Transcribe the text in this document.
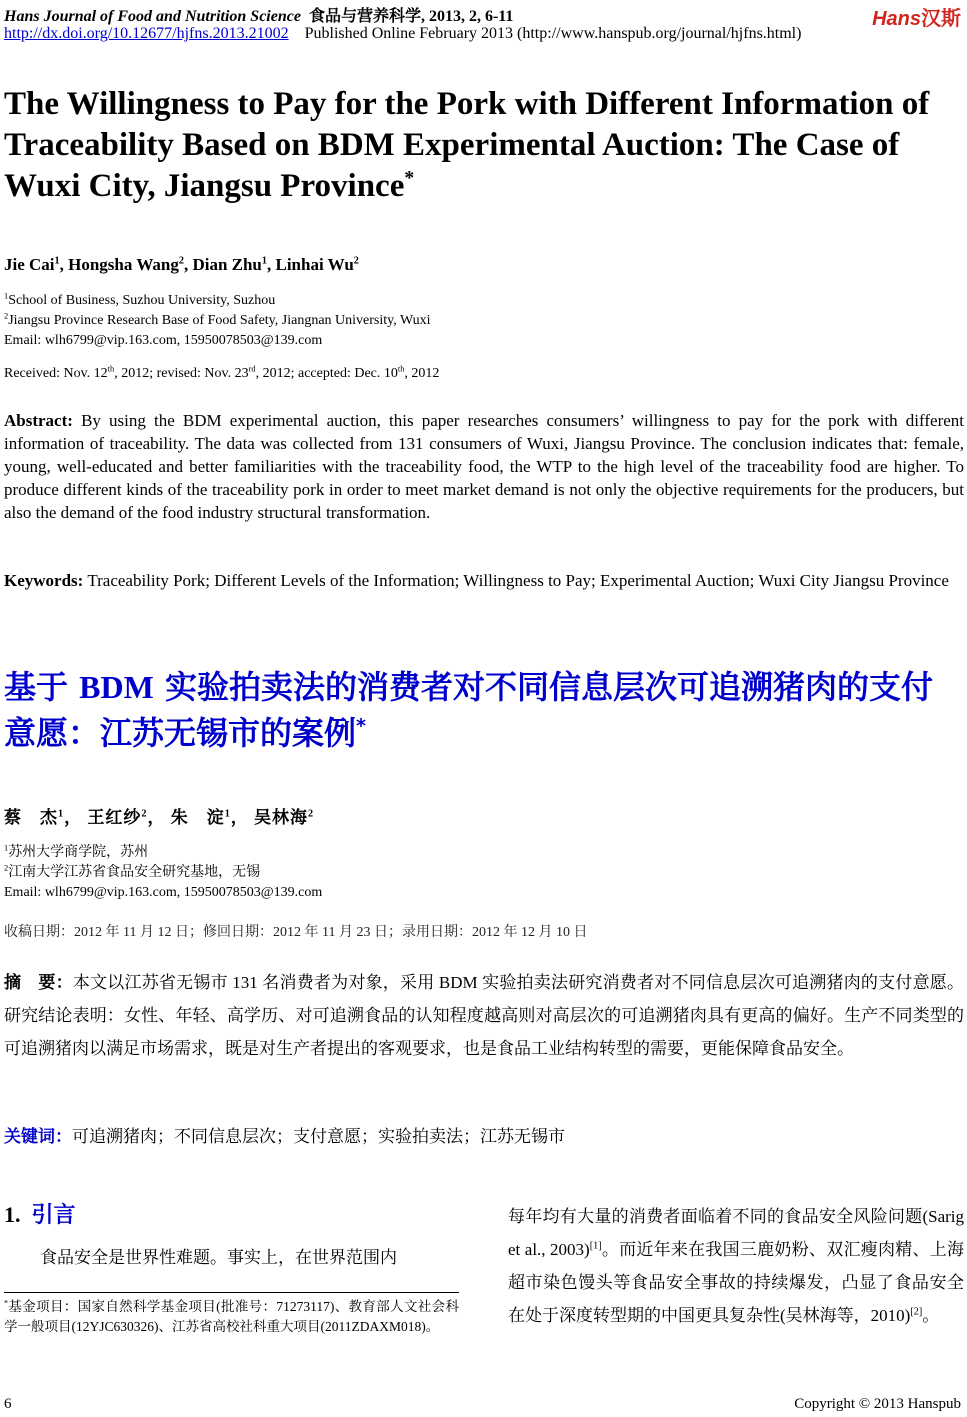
Hans Journal of Food and Nutrition Science 食品与营养科学, 2013, 2, 6-11
http://dx.doi.org/10.12677/hjfns.2013.21002 Published Online February 2013 (http://www.hanspub.org/journal/hjfns.html)
Hans汉斯
The Willingness to Pay for the Pork with Different Information of Traceability Based on BDM Experimental Auction: The Case of Wuxi City, Jiangsu Province*
Jie Cai$^1$, Hongsha Wang$^2$, Dian Zhu$^1$, Linhai Wu$^2$
$^1$School of Business, Suzhou University, Suzhou
$^2$Jiangsu Province Research Base of Food Safety, Jiangnan University, Wuxi
Email: wlh6799@vip.163.com, 15950078503@139.com
Received: Nov. 12th, 2012; revised: Nov. 23rd, 2012; accepted: Dec. 10th, 2012
Abstract: By using the BDM experimental auction, this paper researches consumers’ willingness to pay for the pork with different information of traceability. The data was collected from 131 consumers of Wuxi, Jiangsu Province. The conclusion indicates that: female, young, well-educated and better familiarities with the traceability food, the WTP to the high level of the traceability food are higher. To produce different kinds of the traceability pork in order to meet market demand is not only the objective requirements for the producers, but also the demand of the food industry structural transformation.
Keywords: Traceability Pork; Different Levels of the Information; Willingness to Pay; Experimental Auction; Wuxi City Jiangsu Province
基于 BDM 实验拍卖法的消费者对不同信息层次可追溯猪肉的支付意愿：江苏无锡市的案例*
蔡　杰$^1$， 王红纱$^2$， 朱　淀$^1$， 吴林海$^2$
$^1$苏州大学商学院，苏州
$^2$江南大学江苏省食品安全研究基地，无锡
Email: wlh6799@vip.163.com, 15950078503@139.com
收稿日期：2012 年 11 月 12 日；修回日期：2012 年 11 月 23 日；录用日期：2012 年 12 月 10 日
摘　要：本文以江苏省无锡市 131 名消费者为对象，采用 BDM 实验拍卖法研究消费者对不同信息层次可追溯猪肉的支付意愿。研究结论表明：女性、年轻、高学历、对可追溯食品的认知程度越高则对高层次的可追溯猪肉具有更高的偏好。生产不同类型的可追溯猪肉以满足市场需求，既是对生产者提出的客观要求，也是食品工业结构转型的需要，更能保障食品安全。
关键词：可追溯猪肉；不同信息层次；支付意愿；实验拍卖法；江苏无锡市
1. 引言
食品安全是世界性难题。事实上，在世界范围内
*基金项目：国家自然科学基金项目(批准号：71273117)、教育部人文社会科学一般项目(12YJC630326)、江苏省高校社科重大项目(2011ZDAXM018)。
每年均有大量的消费者面临着不同的食品安全风险问题(Sarig et al., 2003)[1]。而近年来在我国三鹿奶粉、双汇瘦肉精、上海超市染色馒头等食品安全事故的持续爆发，凸显了食品安全在处于深度转型期的中国更具复杂性(吴林海等，2010)[2]。
6	Copyright © 2013 Hanspub
